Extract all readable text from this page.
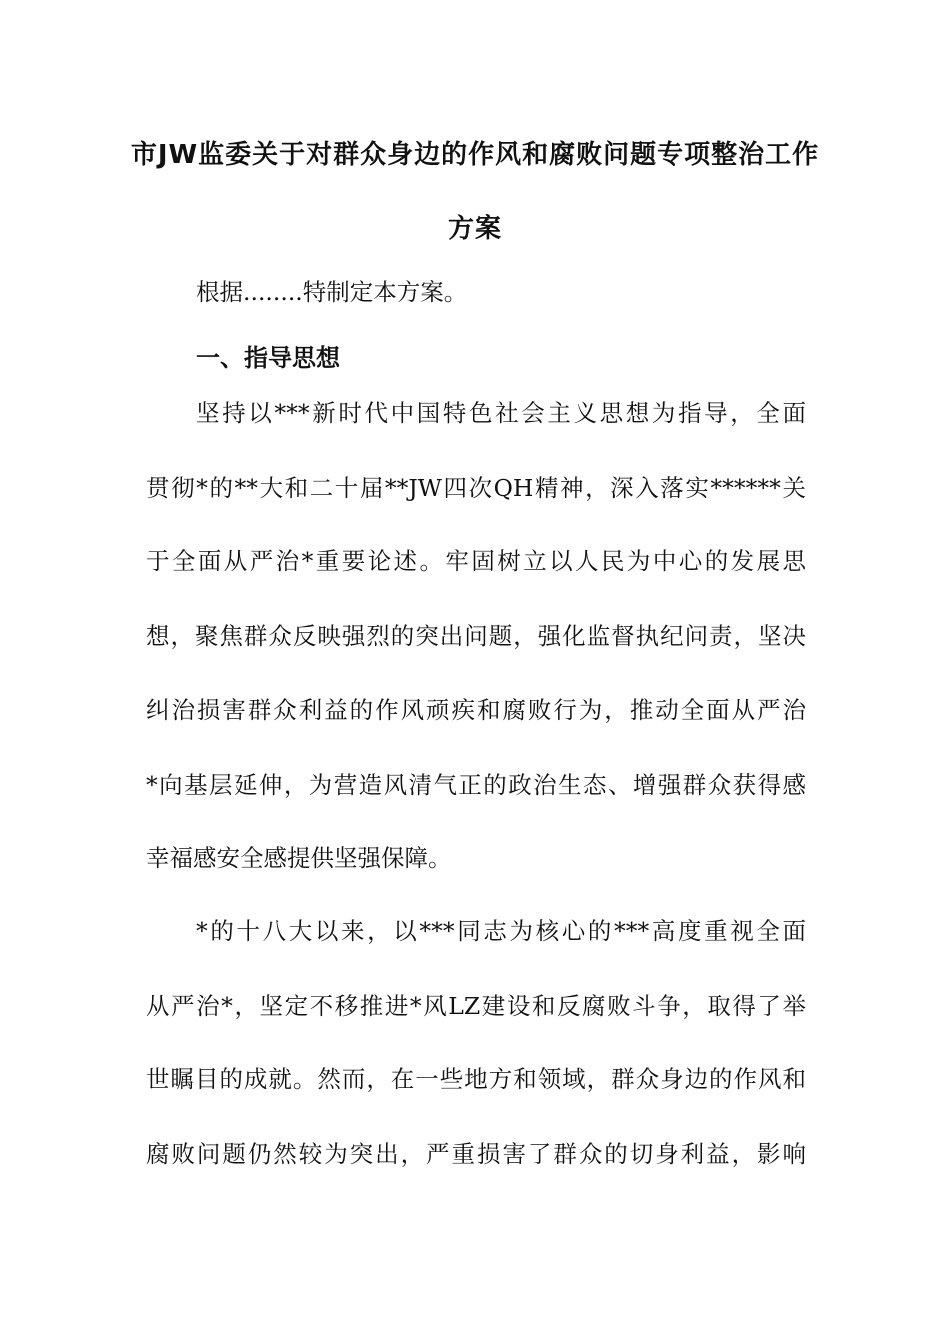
市JW监委关于对群众身边的作风和腐败问题专项整治工作
方案
根据........特制定本方案。
一、指导思想
坚持以***新时代中国特色社会主义思想为指导，全面
贯彻*的**大和二十届**JW四次QH精神，深入落实******关
于全面从严治*重要论述。牢固树立以人民为中心的发展思
想，聚焦群众反映强烈的突出问题，强化监督执纪问责，坚决
纠治损害群众利益的作风顽疾和腐败行为，推动全面从严治
*向基层延伸，为营造风清气正的政治生态、增强群众获得感
幸福感安全感提供坚强保障。
*的十八大以来，以***同志为核心的***高度重视全面
从严治*，坚定不移推进*风LZ建设和反腐败斗争，取得了举
世瞩目的成就。然而，在一些地方和领域，群众身边的作风和
腐败问题仍然较为突出，严重损害了群众的切身利益，影响
